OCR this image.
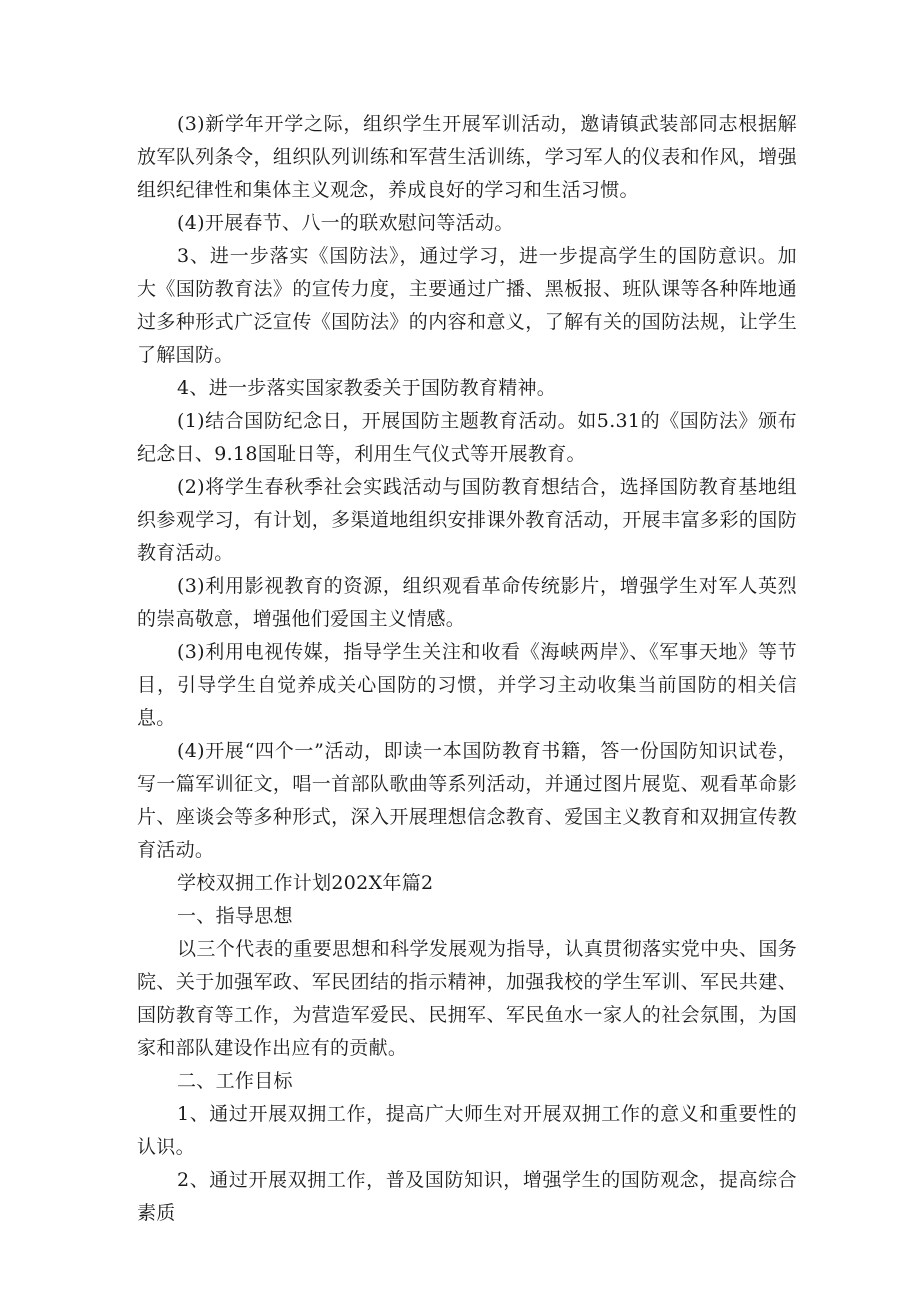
(3)新学年开学之际，组织学生开展军训活动，邀请镇武装部同志根据解放军队列条令，组织队列训练和军营生活训练，学习军人的仪表和作风，增强组织纪律性和集体主义观念，养成良好的学习和生活习惯。

(4)开展春节、八一的联欢慰问等活动。

3、进一步落实《国防法》，通过学习，进一步提高学生的国防意识。加大《国防教育法》的宣传力度，主要通过广播、黑板报、班队课等各种阵地通过多种形式广泛宣传《国防法》的内容和意义，了解有关的国防法规，让学生了解国防。

4、进一步落实国家教委关于国防教育精神。

(1)结合国防纪念日，开展国防主题教育活动。如5.31的《国防法》颁布纪念日、9.18国耻日等，利用生气仪式等开展教育。

(2)将学生春秋季社会实践活动与国防教育想结合，选择国防教育基地组织参观学习，有计划，多渠道地组织安排课外教育活动，开展丰富多彩的国防教育活动。

(3)利用影视教育的资源，组织观看革命传统影片，增强学生对军人英烈的崇高敬意，增强他们爱国主义情感。

(3)利用电视传媒，指导学生关注和收看《海峡两岸》、《军事天地》等节目，引导学生自觉养成关心国防的习惯，并学习主动收集当前国防的相关信息。

(4)开展“四个一”活动，即读一本国防教育书籍，答一份国防知识试卷，写一篇军训征文，唱一首部队歌曲等系列活动，并通过图片展览、观看革命影片、座谈会等多种形式，深入开展理想信念教育、爱国主义教育和双拥宣传教育活动。

学校双拥工作计划202X年篇2

一、指导思想

以三个代表的重要思想和科学发展观为指导，认真贯彻落实党中央、国务院、关于加强军政、军民团结的指示精神，加强我校的学生军训、军民共建、国防教育等工作，为营造军爱民、民拥军、军民鱼水一家人的社会氛围，为国家和部队建设作出应有的贡献。

二、工作目标

1、通过开展双拥工作，提高广大师生对开展双拥工作的意义和重要性的认识。

2、通过开展双拥工作，普及国防知识，增强学生的国防观念，提高综合素质
